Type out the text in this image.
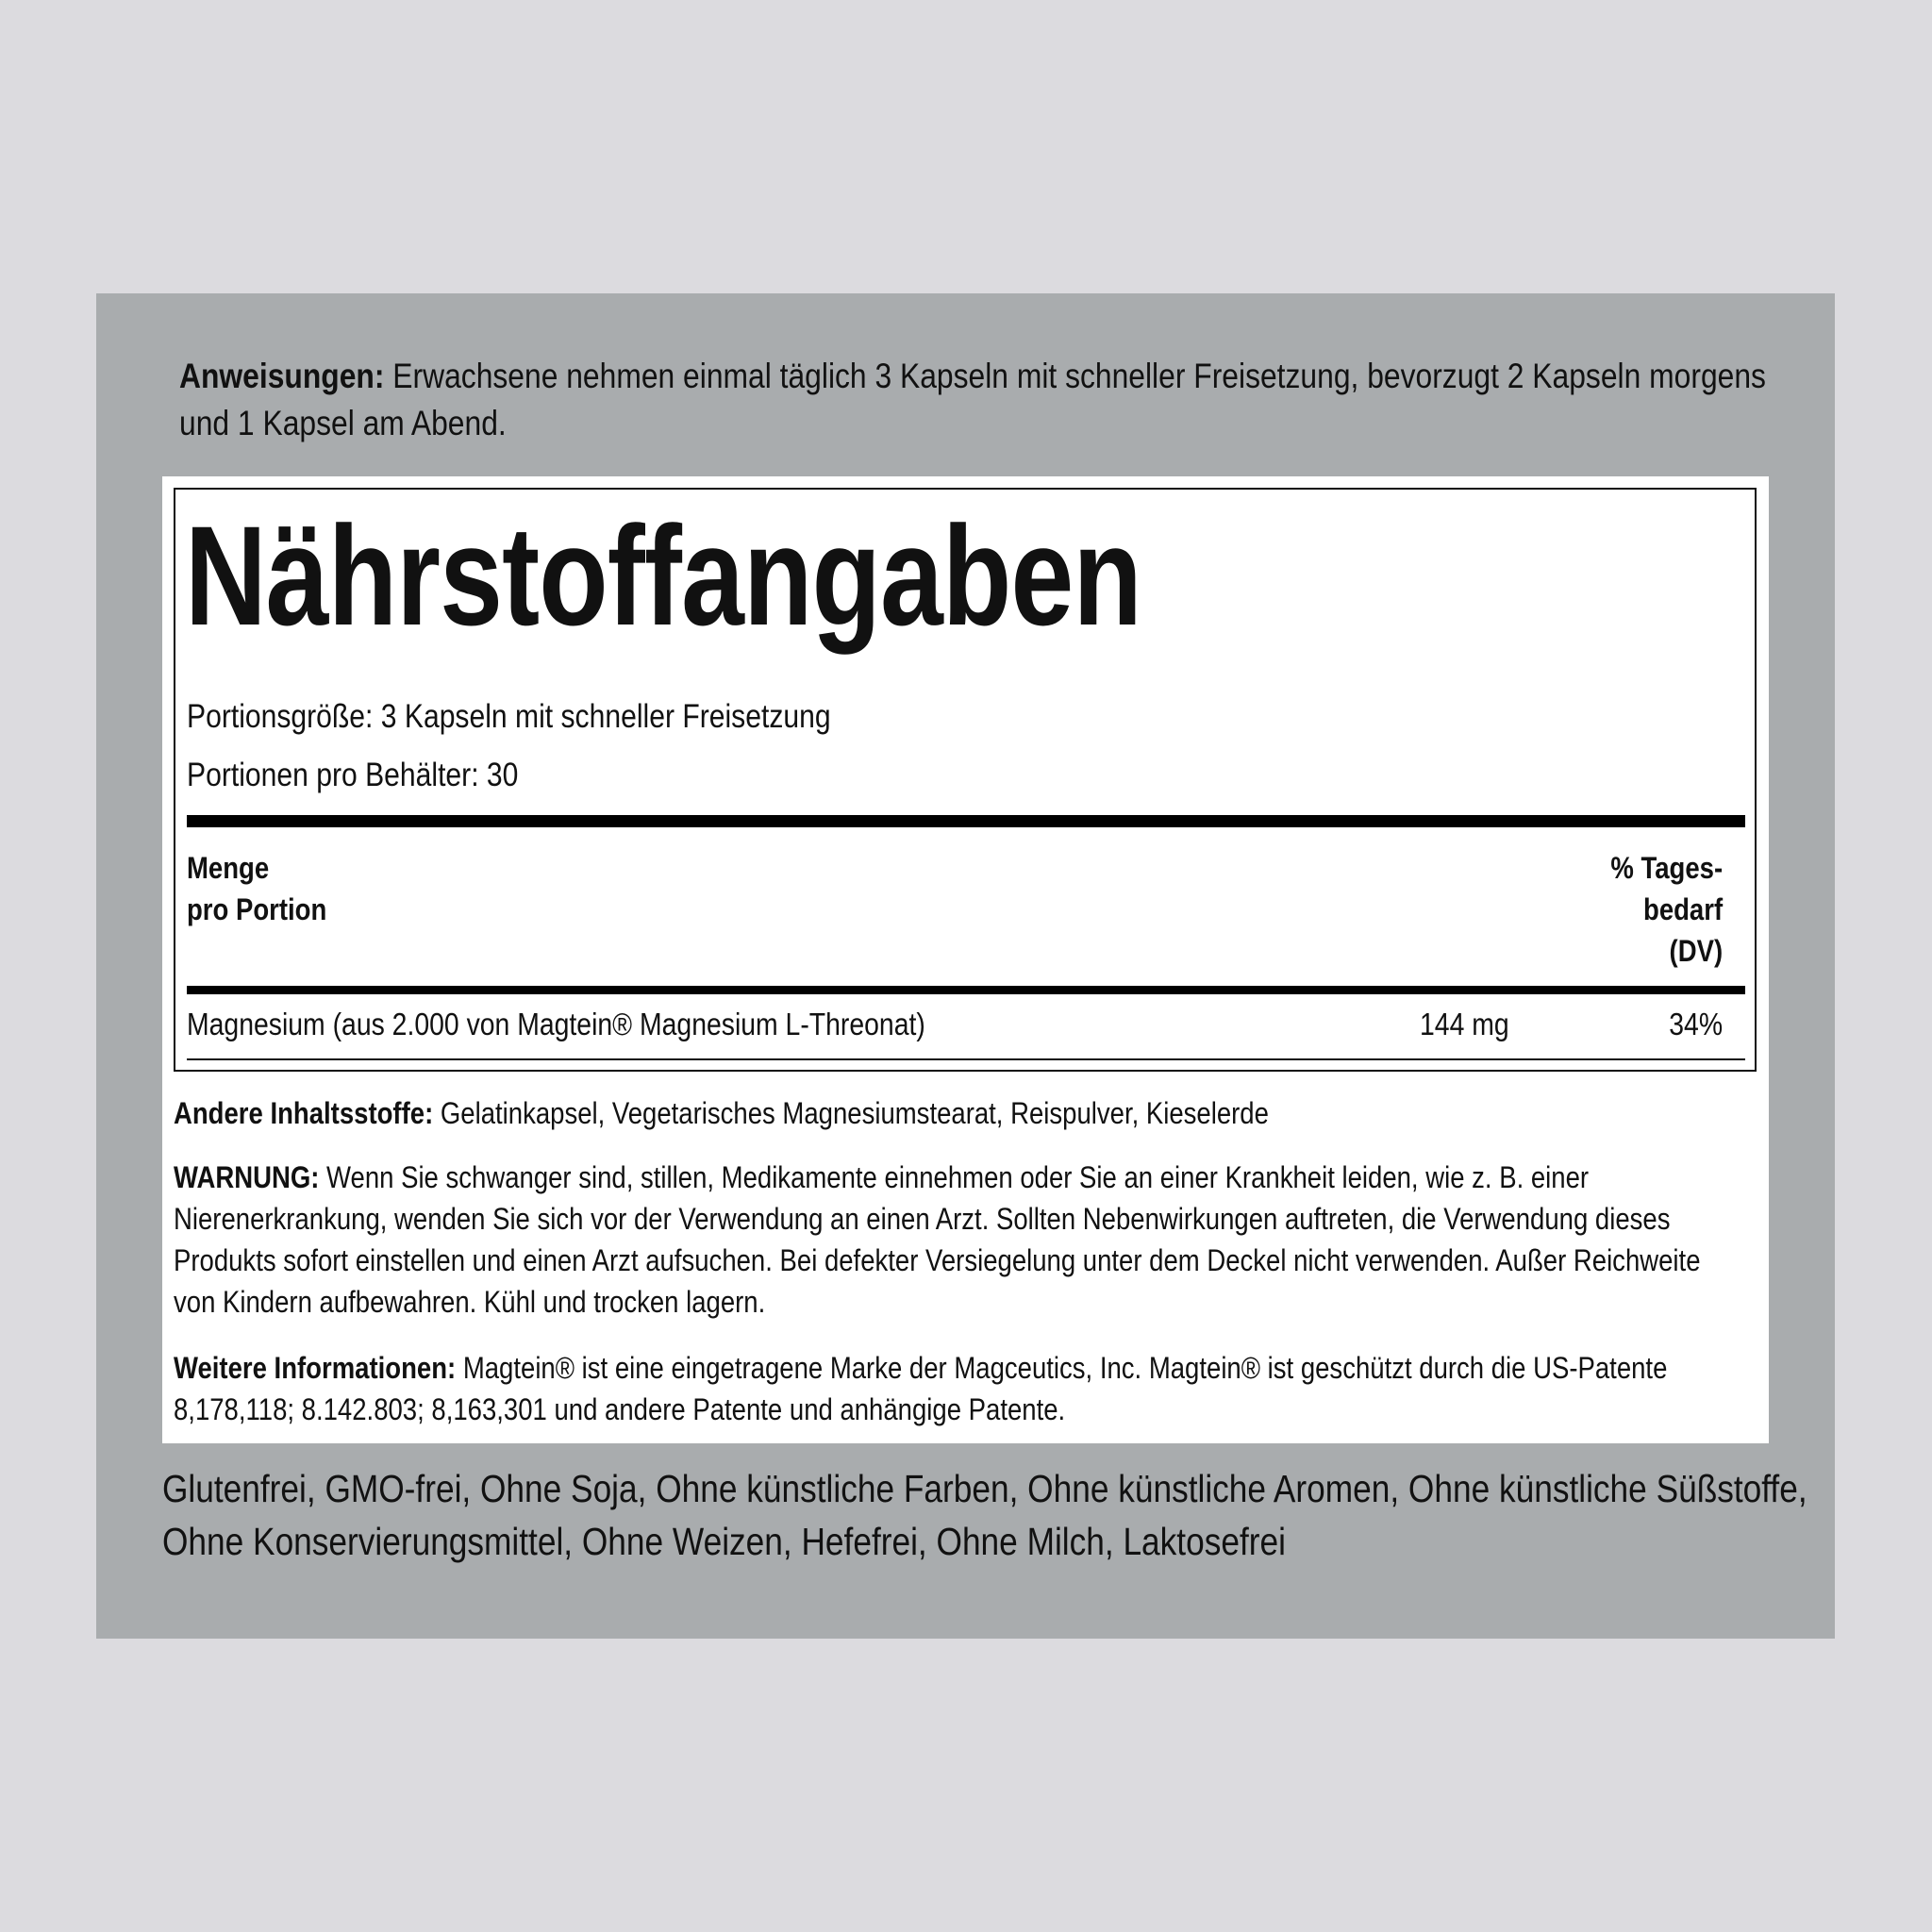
Anweisungen: Erwachsene nehmen einmal täglich 3 Kapseln mit schneller Freisetzung, bevorzugt 2 Kapseln morgens und 1 Kapsel am Abend.
Nährstoffangaben
Portionsgröße: 3 Kapseln mit schneller Freisetzung
Portionen pro Behälter: 30
Menge
pro Portion
% Tages-
bedarf
(DV)
Magnesium (aus 2.000 von Magtein® Magnesium L-Threonat)	144 mg	34%
Andere Inhaltsstoffe: Gelatinkapsel, Vegetarisches Magnesiumstearat, Reispulver, Kieselerde
WARNUNG: Wenn Sie schwanger sind, stillen, Medikamente einnehmen oder Sie an einer Krankheit leiden, wie z. B. einer Nierenerkrankung, wenden Sie sich vor der Verwendung an einen Arzt. Sollten Nebenwirkungen auftreten, die Verwendung dieses Produkts sofort einstellen und einen Arzt aufsuchen. Bei defekter Versiegelung unter dem Deckel nicht verwenden. Außer Reichweite von Kindern aufbewahren. Kühl und trocken lagern.
Weitere Informationen: Magtein® ist eine eingetragene Marke der Magceutics, Inc. Magtein® ist geschützt durch die US-Patente 8,178,118; 8.142.803; 8,163,301 und andere Patente und anhängige Patente.
Glutenfrei, GMO-frei, Ohne Soja, Ohne künstliche Farben, Ohne künstliche Aromen, Ohne künstliche Süßstoffe, Ohne Konservierungsmittel, Ohne Weizen, Hefefrei, Ohne Milch, Laktosefrei
